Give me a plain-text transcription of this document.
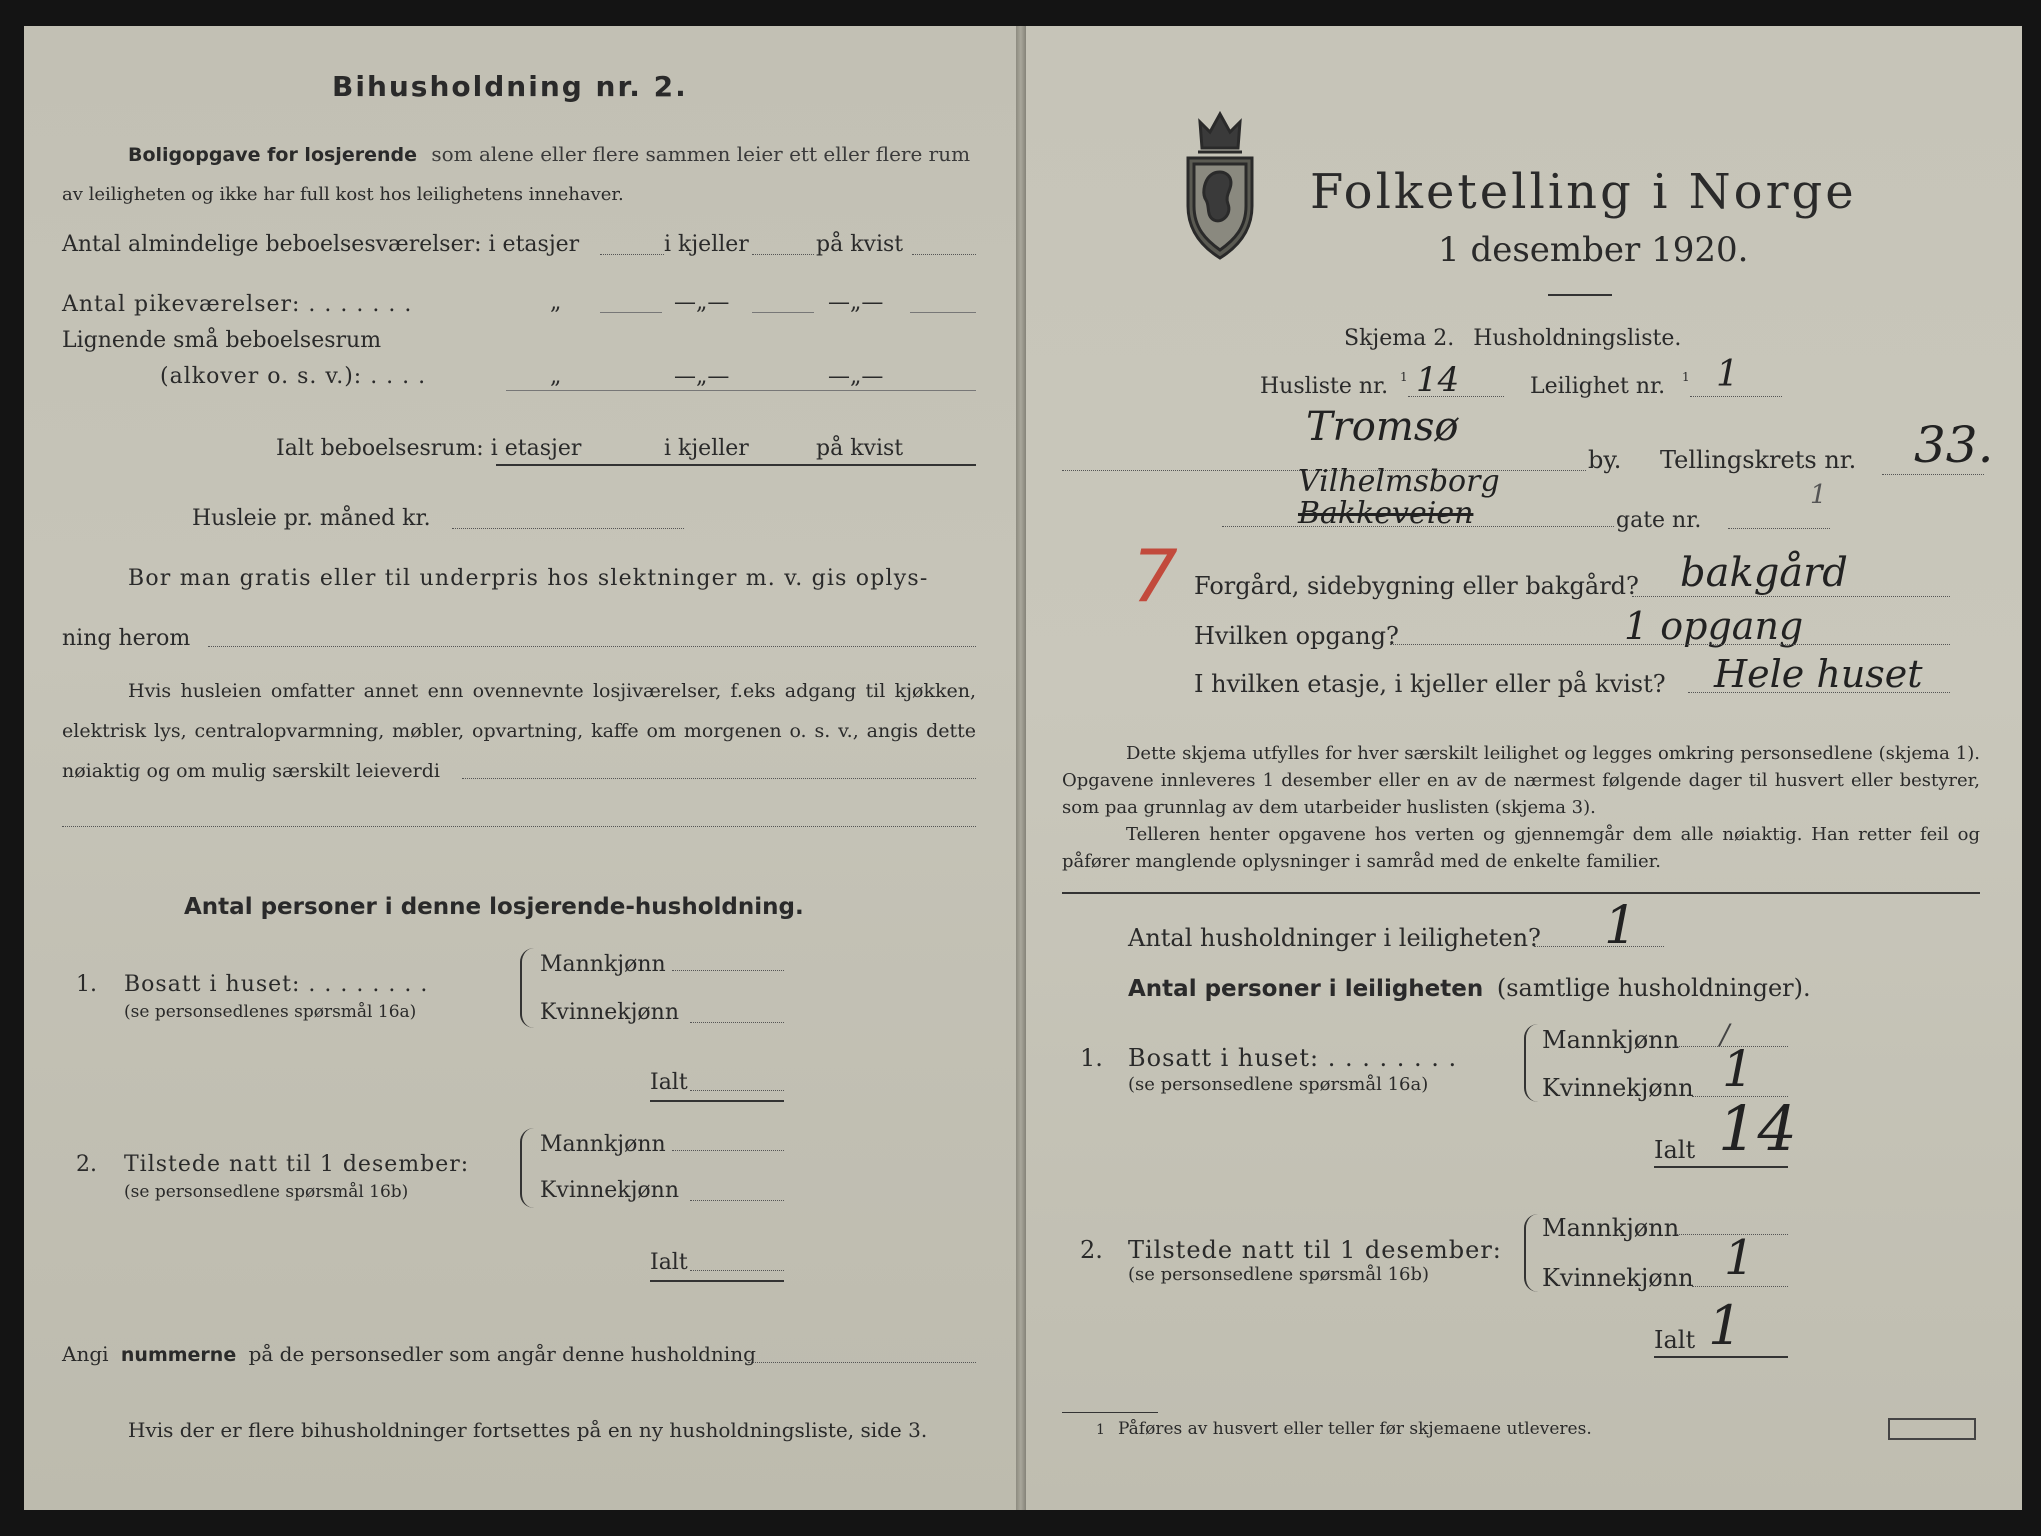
Bihusholdning nr. 2.
Boligopgave for losjerende som alene eller flere sammen leier ett eller flere rum
av leiligheten og ikke har full kost hos leilighetens innehaver.
Antal almindelige beboelsesværelser: i etasjer	i kjeller	på kvist
Antal pikeværelser: . . . . . . .	„	—„—	—„—
Lignende små beboelsesrum
(alkover o. s. v.): . . . .	„	—„—	—„—
Ialt beboelsesrum: i etasjer	i kjeller	på kvist
Husleie pr. måned kr.
Bor man gratis eller til underpris hos slektninger m. v. gis oplys-
ning herom
Hvis husleien omfatter annet enn ovennevnte losjiværelser, f.eks adgang til kjøkken, elektrisk lys, centralopvarmning, møbler, opvartning, kaffe om morgenen o. s. v., angis dette nøiaktig og om mulig særskilt leieverdi
Antal personer i denne losjerende-husholdning.
1. Bosatt i huset: . . . . . . . .
(se personsedlenes spørsmål 16a)
Mannkjønn
Kvinnekjønn
Ialt
2. Tilstede natt til 1 desember:
(se personsedlene spørsmål 16b)
Mannkjønn
Kvinnekjønn
Ialt
Angi nummerne på de personsedler som angår denne husholdning
Hvis der er flere bihusholdninger fortsettes på en ny husholdningsliste, side 3.
Folketelling i Norge
1 desember 1920.
Skjema 2. Husholdningsliste.
Husliste nr. 1 14	Leilighet nr. 1 1
Tromsø
by. Tellingskrets nr. 33.
Vilhelmsborg
Bakkeveien	gate nr.
1
7 Forgård, sidebygning eller bakgård? bakgård
Hvilken opgang?	1 opgang
I hvilken etasje, i kjeller eller på kvist? Hele huset
Dette skjema utfylles for hver særskilt leilighet og legges omkring personsedlene (skjema 1). Opgavene innleveres 1 desember eller en av de nærmest følgende dager til husvert eller bestyrer, som paa grunnlag av dem utarbeider huslisten (skjema 3).
Telleren henter opgavene hos verten og gjennemgår dem alle nøiaktig. Han retter feil og påfører manglende oplysninger i samråd med de enkelte familier.
Antal husholdninger i leiligheten? 1
Antal personer i leiligheten (samtlige husholdninger).
1. Bosatt i huset: . . . . . . . .
(se personsedlene spørsmål 16a)
Mannkjønn /
Kvinnekjønn 1
Ialt 14
2. Tilstede natt til 1 desember:
(se personsedlene spørsmål 16b)
Mannkjønn
Kvinnekjønn 1
Ialt 1
1 Påføres av husvert eller teller før skjemaene utleveres.
